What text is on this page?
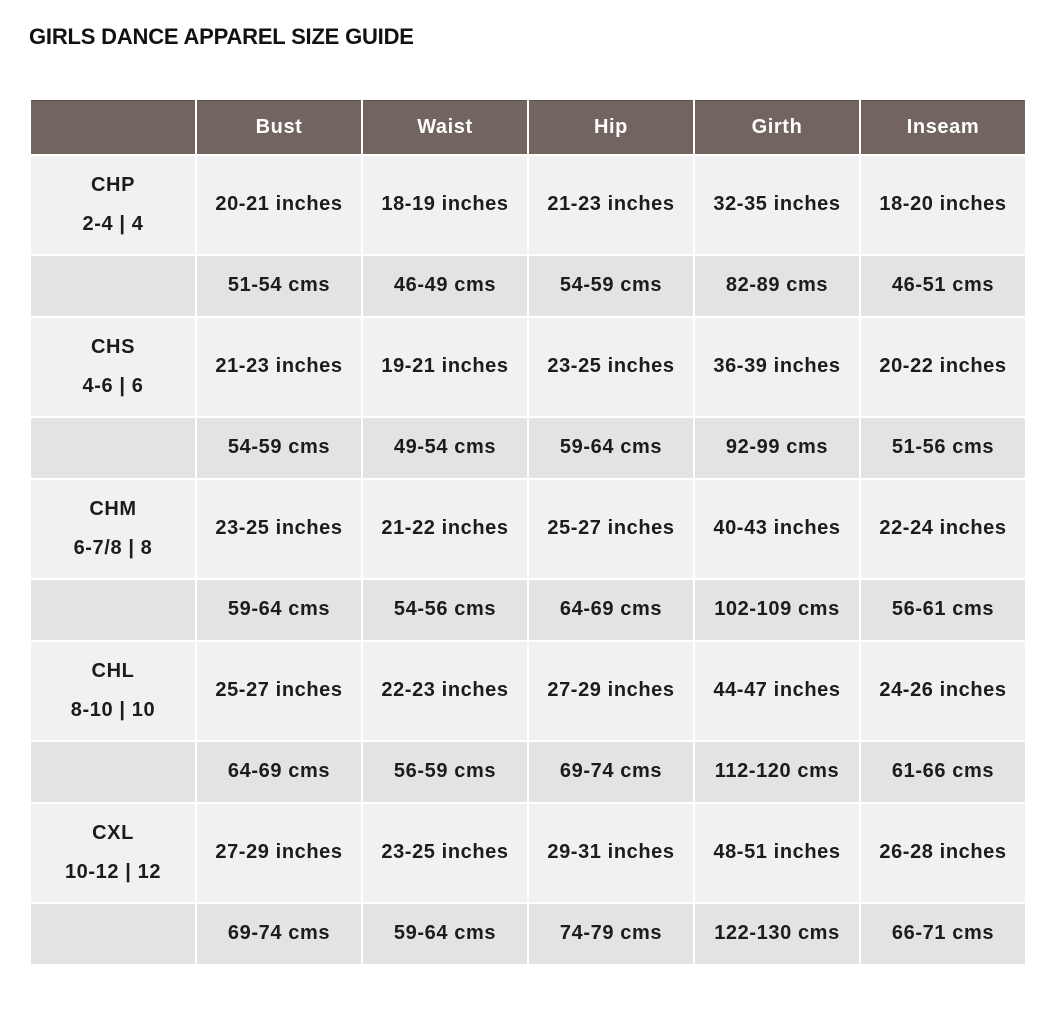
GIRLS DANCE APPAREL SIZE GUIDE
	Bust	Waist	Hip	Girth	Inseam

CHP
2-4 | 4	20-21 inches	18-19 inches	21-23 inches	32-35 inches	18-20 inches
	51-54 cms	46-49 cms	54-59 cms	82-89 cms	46-51 cms

CHS
4-6 | 6	21-23 inches	19-21 inches	23-25 inches	36-39 inches	20-22 inches
	54-59 cms	49-54 cms	59-64 cms	92-99 cms	51-56 cms

CHM
6-7/8 | 8	23-25 inches	21-22 inches	25-27 inches	40-43 inches	22-24 inches
	59-64 cms	54-56 cms	64-69 cms	102-109 cms	56-61 cms

CHL
8-10 | 10	25-27 inches	22-23 inches	27-29 inches	44-47 inches	24-26 inches
	64-69 cms	56-59 cms	69-74 cms	112-120 cms	61-66 cms

CXL
10-12 | 12	27-29 inches	23-25 inches	29-31 inches	48-51 inches	26-28 inches
	69-74 cms	59-64 cms	74-79 cms	122-130 cms	66-71 cms
